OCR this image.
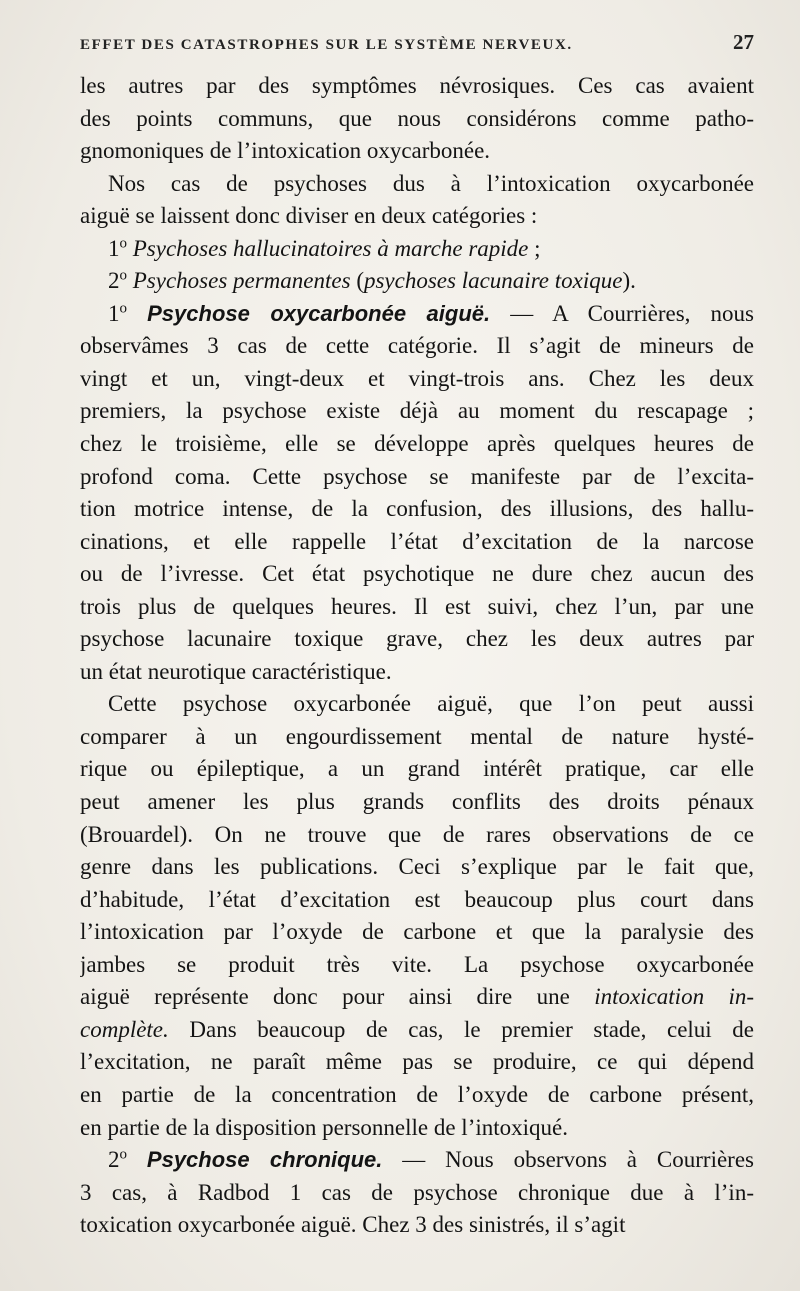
EFFET DES CATASTROPHES SUR LE SYSTÈME NERVEUX.	27
les autres par des symptômes névrosiques. Ces cas avaient
des points communs, que nous considérons comme patho-
gnomoniques de l’intoxication oxycarbonée.
Nos cas de psychoses dus à l’intoxication oxycarbonée
aiguë se laissent donc diviser en deux catégories :
1$^o$ Psychoses hallucinatoires à marche rapide ;
2$^o$ Psychoses permanentes (psychoses lacunaire toxique).
1$^o$ Psychose oxycarbonée aiguë. — A Courrières, nous
observâmes 3 cas de cette catégorie. Il s’agit de mineurs de
vingt et un, vingt-deux et vingt-trois ans. Chez les deux
premiers, la psychose existe déjà au moment du rescapage ;
chez le troisième, elle se développe après quelques heures de
profond coma. Cette psychose se manifeste par de l’excita-
tion motrice intense, de la confusion, des illusions, des hallu-
cinations, et elle rappelle l’état d’excitation de la narcose
ou de l’ivresse. Cet état psychotique ne dure chez aucun des
trois plus de quelques heures. Il est suivi, chez l’un, par une
psychose lacunaire toxique grave, chez les deux autres par
un état neurotique caractéristique.
Cette psychose oxycarbonée aiguë, que l’on peut aussi
comparer à un engourdissement mental de nature hysté-
rique ou épileptique, a un grand intérêt pratique, car elle
peut amener les plus grands conflits des droits pénaux
(Brouardel). On ne trouve que de rares observations de ce
genre dans les publications. Ceci s’explique par le fait que,
d’habitude, l’état d’excitation est beaucoup plus court dans
l’intoxication par l’oxyde de carbone et que la paralysie des
jambes se produit très vite. La psychose oxycarbonée
aiguë représente donc pour ainsi dire une intoxication in-
complète. Dans beaucoup de cas, le premier stade, celui de
l’excitation, ne paraît même pas se produire, ce qui dépend
en partie de la concentration de l’oxyde de carbone présent,
en partie de la disposition personnelle de l’intoxiqué.
2$^o$ Psychose chronique. — Nous observons à Courrières
3 cas, à Radbod 1 cas de psychose chronique due à l’in-
toxication oxycarbonée aiguë. Chez 3 des sinistrés, il s’agit
